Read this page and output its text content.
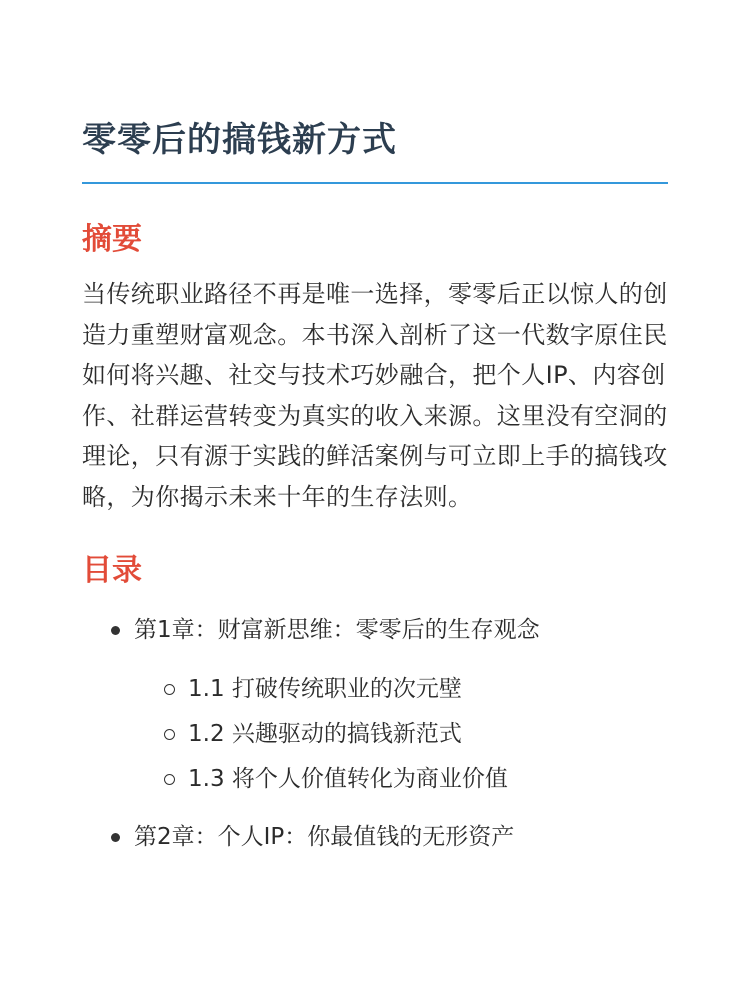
零零后的搞钱新方式
摘要

当传统职业路径不再是唯一选择，零零后正以惊人的创造力重塑财富观念。本书深入剖析了这一代数字原住民如何将兴趣、社交与技术巧妙融合，把个人IP、内容创作、社群运营转变为真实的收入来源。这里没有空洞的理论，只有源于实践的鲜活案例与可立即上手的搞钱攻略，为你揭示未来十年的生存法则。

目录
第1章：财富新思维：零零后的生存观念
1.1 打破传统职业的次元壁
1.2 兴趣驱动的搞钱新范式
1.3 将个人价值转化为商业价值
第2章：个人IP：你最值钱的无形资产
